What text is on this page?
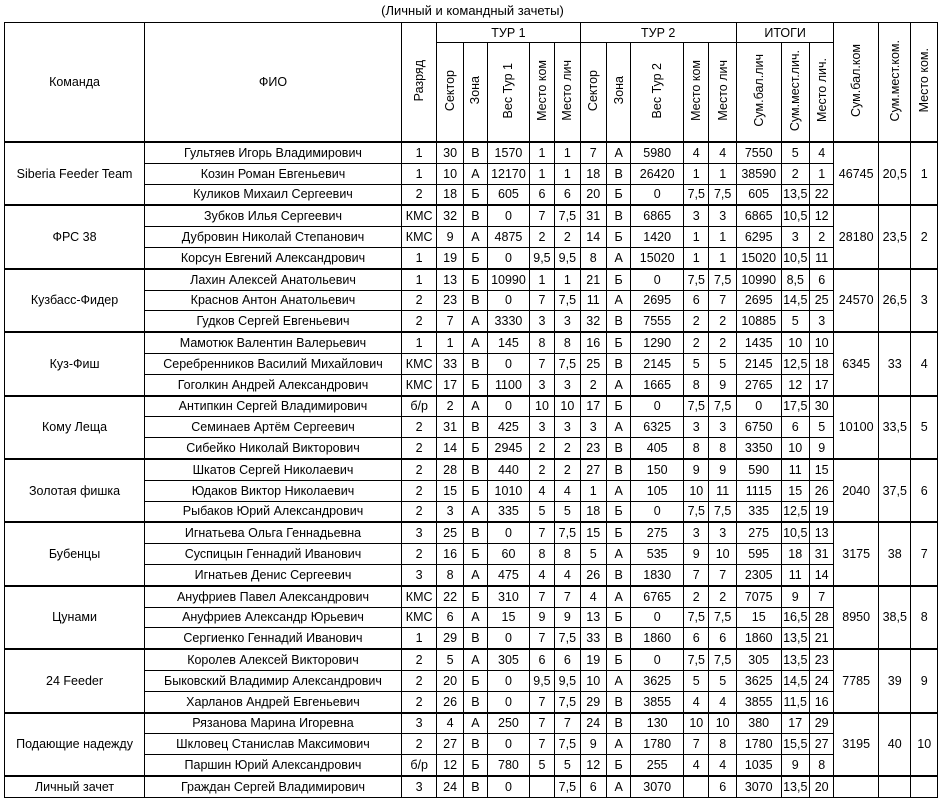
(Личный и командный зачеты)
Команда	ФИО	Разряд	ТУР 1					ТУР 2					ИТОГИ			Сум.бал.ком	Сум.мест.ком.	Место ком.
			Сектор	Зона	Вес Тур 1	Место ком	Место лич	Сектор	Зона	Вес Тур 2	Место ком	Место лич	Сум.бал.лич	Сум.мест.лич.	Место лич.			
Siberia Feeder Team	Гультяев Игорь Владимирович	1	30	В	1570	1	1	7	А	5980	4	4	7550	5	4	46745	20,5	1
	Козин Роман Евгеньевич	1	10	А	12170	1	1	18	В	26420	1	1	38590	2	1			
	Куликов Михаил Сергеевич	2	18	Б	605	6	6	20	Б	0	7,5	7,5	605	13,5	22			
ФРС 38	Зубков Илья Сергеевич	КМС	32	В	0	7	7,5	31	В	6865	3	3	6865	10,5	12	28180	23,5	2
	Дубровин Николай Степанович	КМС	9	А	4875	2	2	14	Б	1420	1	1	6295	3	2			
	Корсун Евгений Александрович	1	19	Б	0	9,5	9,5	8	А	15020	1	1	15020	10,5	11			
Кузбасс-Фидер	Лахин Алексей Анатольевич	1	13	Б	10990	1	1	21	Б	0	7,5	7,5	10990	8,5	6	24570	26,5	3
	Краснов Антон Анатольевич	2	23	В	0	7	7,5	11	А	2695	6	7	2695	14,5	25			
	Гудков Сергей Евгеньевич	2	7	А	3330	3	3	32	В	7555	2	2	10885	5	3			
Куз-Фиш	Мамотюк Валентин Валерьевич	1	1	А	145	8	8	16	Б	1290	2	2	1435	10	10	6345	33	4
	Серебренников Василий Михайлович	КМС	33	В	0	7	7,5	25	В	2145	5	5	2145	12,5	18			
	Гоголкин Андрей Александрович	КМС	17	Б	1100	3	3	2	А	1665	8	9	2765	12	17			
Кому Леща	Антипкин Сергей Владимирович	б/р	2	А	0	10	10	17	Б	0	7,5	7,5	0	17,5	30	10100	33,5	5
	Семинаев Артём Сергеевич	2	31	В	425	3	3	3	А	6325	3	3	6750	6	5			
	Сибейко Николай Викторович	2	14	Б	2945	2	2	23	В	405	8	8	3350	10	9			
Золотая фишка	Шкатов Сергей Николаевич	2	28	В	440	2	2	27	В	150	9	9	590	11	15	2040	37,5	6
	Юдаков Виктор Николаевич	2	15	Б	1010	4	4	1	А	105	10	11	1115	15	26			
	Рыбаков Юрий Александрович	2	3	А	335	5	5	18	Б	0	7,5	7,5	335	12,5	19			
Бубенцы	Игнатьева Ольга Геннадьевна	3	25	В	0	7	7,5	15	Б	275	3	3	275	10,5	13	3175	38	7
	Суспицын Геннадий Иванович	2	16	Б	60	8	8	5	А	535	9	10	595	18	31			
	Игнатьев Денис Сергеевич	3	8	А	475	4	4	26	В	1830	7	7	2305	11	14			
Цунами	Ануфриев Павел Александрович	КМС	22	Б	310	7	7	4	А	6765	2	2	7075	9	7	8950	38,5	8
	Ануфриев Александр Юрьевич	КМС	6	А	15	9	9	13	Б	0	7,5	7,5	15	16,5	28			
	Сергиенко Геннадий Иванович	1	29	В	0	7	7,5	33	В	1860	6	6	1860	13,5	21			
24 Feeder	Королев Алексей Викторович	2	5	А	305	6	6	19	Б	0	7,5	7,5	305	13,5	23	7785	39	9
	Быковский Владимир Александрович	2	20	Б	0	9,5	9,5	10	А	3625	5	5	3625	14,5	24			
	Харланов Андрей Евгеньевич	2	26	В	0	7	7,5	29	В	3855	4	4	3855	11,5	16			
Подающие надежду	Рязанова Марина Игоревна	3	4	А	250	7	7	24	В	130	10	10	380	17	29	3195	40	10
	Шкловец Станислав Максимович	2	27	В	0	7	7,5	9	А	1780	7	8	1780	15,5	27			
	Паршин Юрий Александрович	б/р	12	Б	780	5	5	12	Б	255	4	4	1035	9	8			
Личный зачет	Граждан Сергей Владимирович	3	24	В	0		7,5	6	А	3070		6	3070	13,5	20			
